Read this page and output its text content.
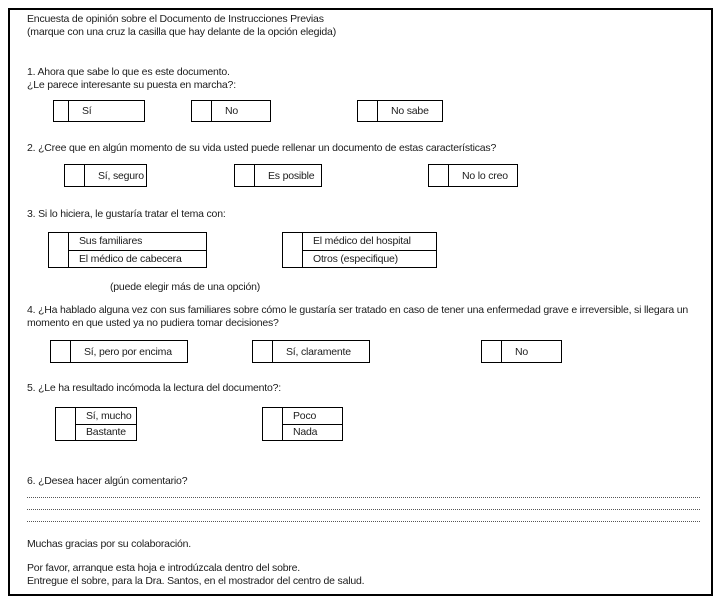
Encuesta de opinión sobre el Documento de Instrucciones Previas
(marque con una cruz la casilla que hay delante de la opción elegida)
1. Ahora que sabe lo que es este documento.
¿Le parece interesante su puesta en marcha?:
Sí	No	No sabe
2. ¿Cree que en algún momento de su vida usted puede rellenar un documento de estas características?
Sí, seguro	Es posible	No lo creo
3. Si lo hiciera, le gustaría tratar el tema con:
Sus familiares
El médico de cabecera
El médico del hospital
Otros (especifique)
(puede elegir más de una opción)
4. ¿Ha hablado alguna vez con sus familiares sobre cómo le gustaría ser tratado en caso de tener una enfermedad grave e irreversible, si llegara un
momento en que usted ya no pudiera tomar decisiones?
Sí, pero por encima	Sí, claramente	No
5. ¿Le ha resultado incómoda la lectura del documento?:
Sí, mucho
Bastante
Poco
Nada
6. ¿Desea hacer algún comentario?
Muchas gracias por su colaboración.
Por favor, arranque esta hoja e introdúzcala dentro del sobre.
Entregue el sobre, para la Dra. Santos, en el mostrador del centro de salud.
